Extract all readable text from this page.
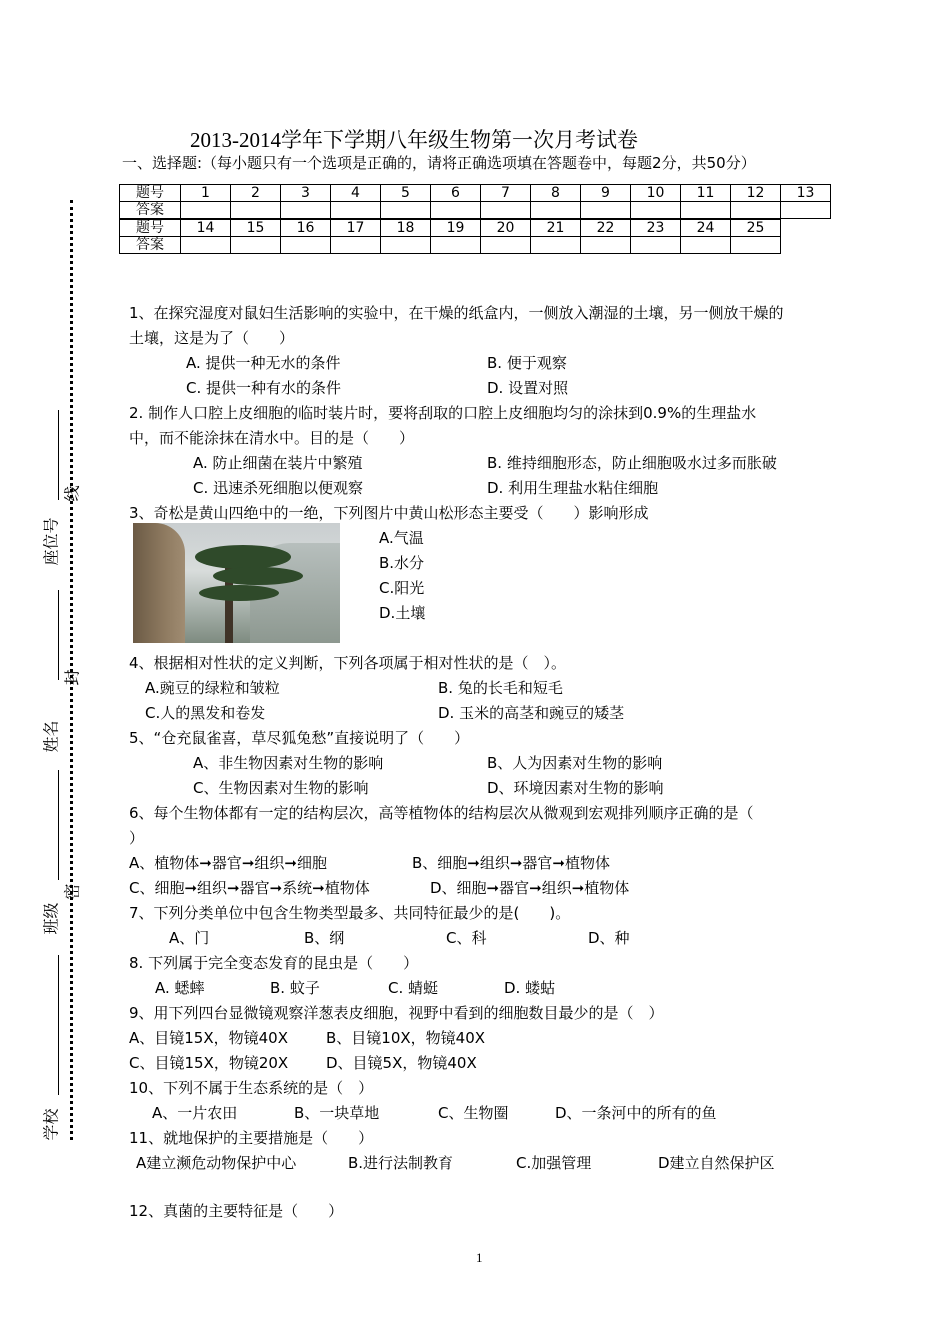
2013-2014学年下学期八年级生物第一次月考试卷
一、选择题:（每小题只有一个选项是正确的，请将正确选项填在答题卷中，每题2分，共50分）
题号	1	2	3	4	5	6	7	8	9	10	11	12	13
答案													
题号	14	15	16	17	18	19	20	21	22	23	24	25
答案												
座位号
线
封
姓名
密
班级
学校
1、在探究湿度对鼠妇生活影响的实验中，在干燥的纸盒内，一侧放入潮湿的土壤，另一侧放干燥的
土壤，这是为了（　　）
A. 提供一种无水的条件	B. 便于观察
C. 提供一种有水的条件	D. 设置对照
2. 制作人口腔上皮细胞的临时装片时，要将刮取的口腔上皮细胞均匀的涂抹到0.9%的生理盐水
中，而不能涂抹在清水中。目的是（　　）
A. 防止细菌在装片中繁殖	B. 维持细胞形态，防止细胞吸水过多而胀破
C. 迅速杀死细胞以便观察	D. 利用生理盐水粘住细胞
3、奇松是黄山四绝中的一绝，下列图片中黄山松形态主要受（　　）影响形成
A.气温
B.水分
C.阳光
D.土壤
4、根据相对性状的定义判断，下列各项属于相对性状的是（　）。
A.豌豆的绿粒和皱粒	B. 兔的长毛和短毛
C.人的黑发和卷发	D. 玉米的高茎和豌豆的矮茎
5、“仓充鼠雀喜，草尽狐兔愁”直接说明了（　　）
A、非生物因素对生物的影响	B、人为因素对生物的影响
C、生物因素对生物的影响	D、环境因素对生物的影响
6、每个生物体都有一定的结构层次，高等植物体的结构层次从微观到宏观排列顺序正确的是（
）
A、植物体➞器官➞组织➞细胞	B、细胞➞组织➞器官➞植物体
C、细胞➞组织➞器官➞系统➞植物体	D、细胞➞器官➞组织➞植物体
7、下列分类单位中包含生物类型最多、共同特征最少的是(　　)。
A、门	B、纲	C、科	D、种
8. 下列属于完全变态发育的昆虫是（　　）
A. 蟋蟀	B. 蚊子	C. 蜻蜓	D. 蝼蛄
9、用下列四台显微镜观察洋葱表皮细胞，视野中看到的细胞数目最少的是（　）
A、目镜15X，物镜40X	B、目镜10X，物镜40X
C、目镜15X，物镜20X	D、目镜5X，物镜40X
10、下列不属于生态系统的是（　）
A、一片农田	B、一块草地	C、生物圈	D、一条河中的所有的鱼
11、就地保护的主要措施是（　　）
A建立濒危动物保护中心	B.进行法制教育	C.加强管理	D建立自然保护区
12、真菌的主要特征是（　　）
1
